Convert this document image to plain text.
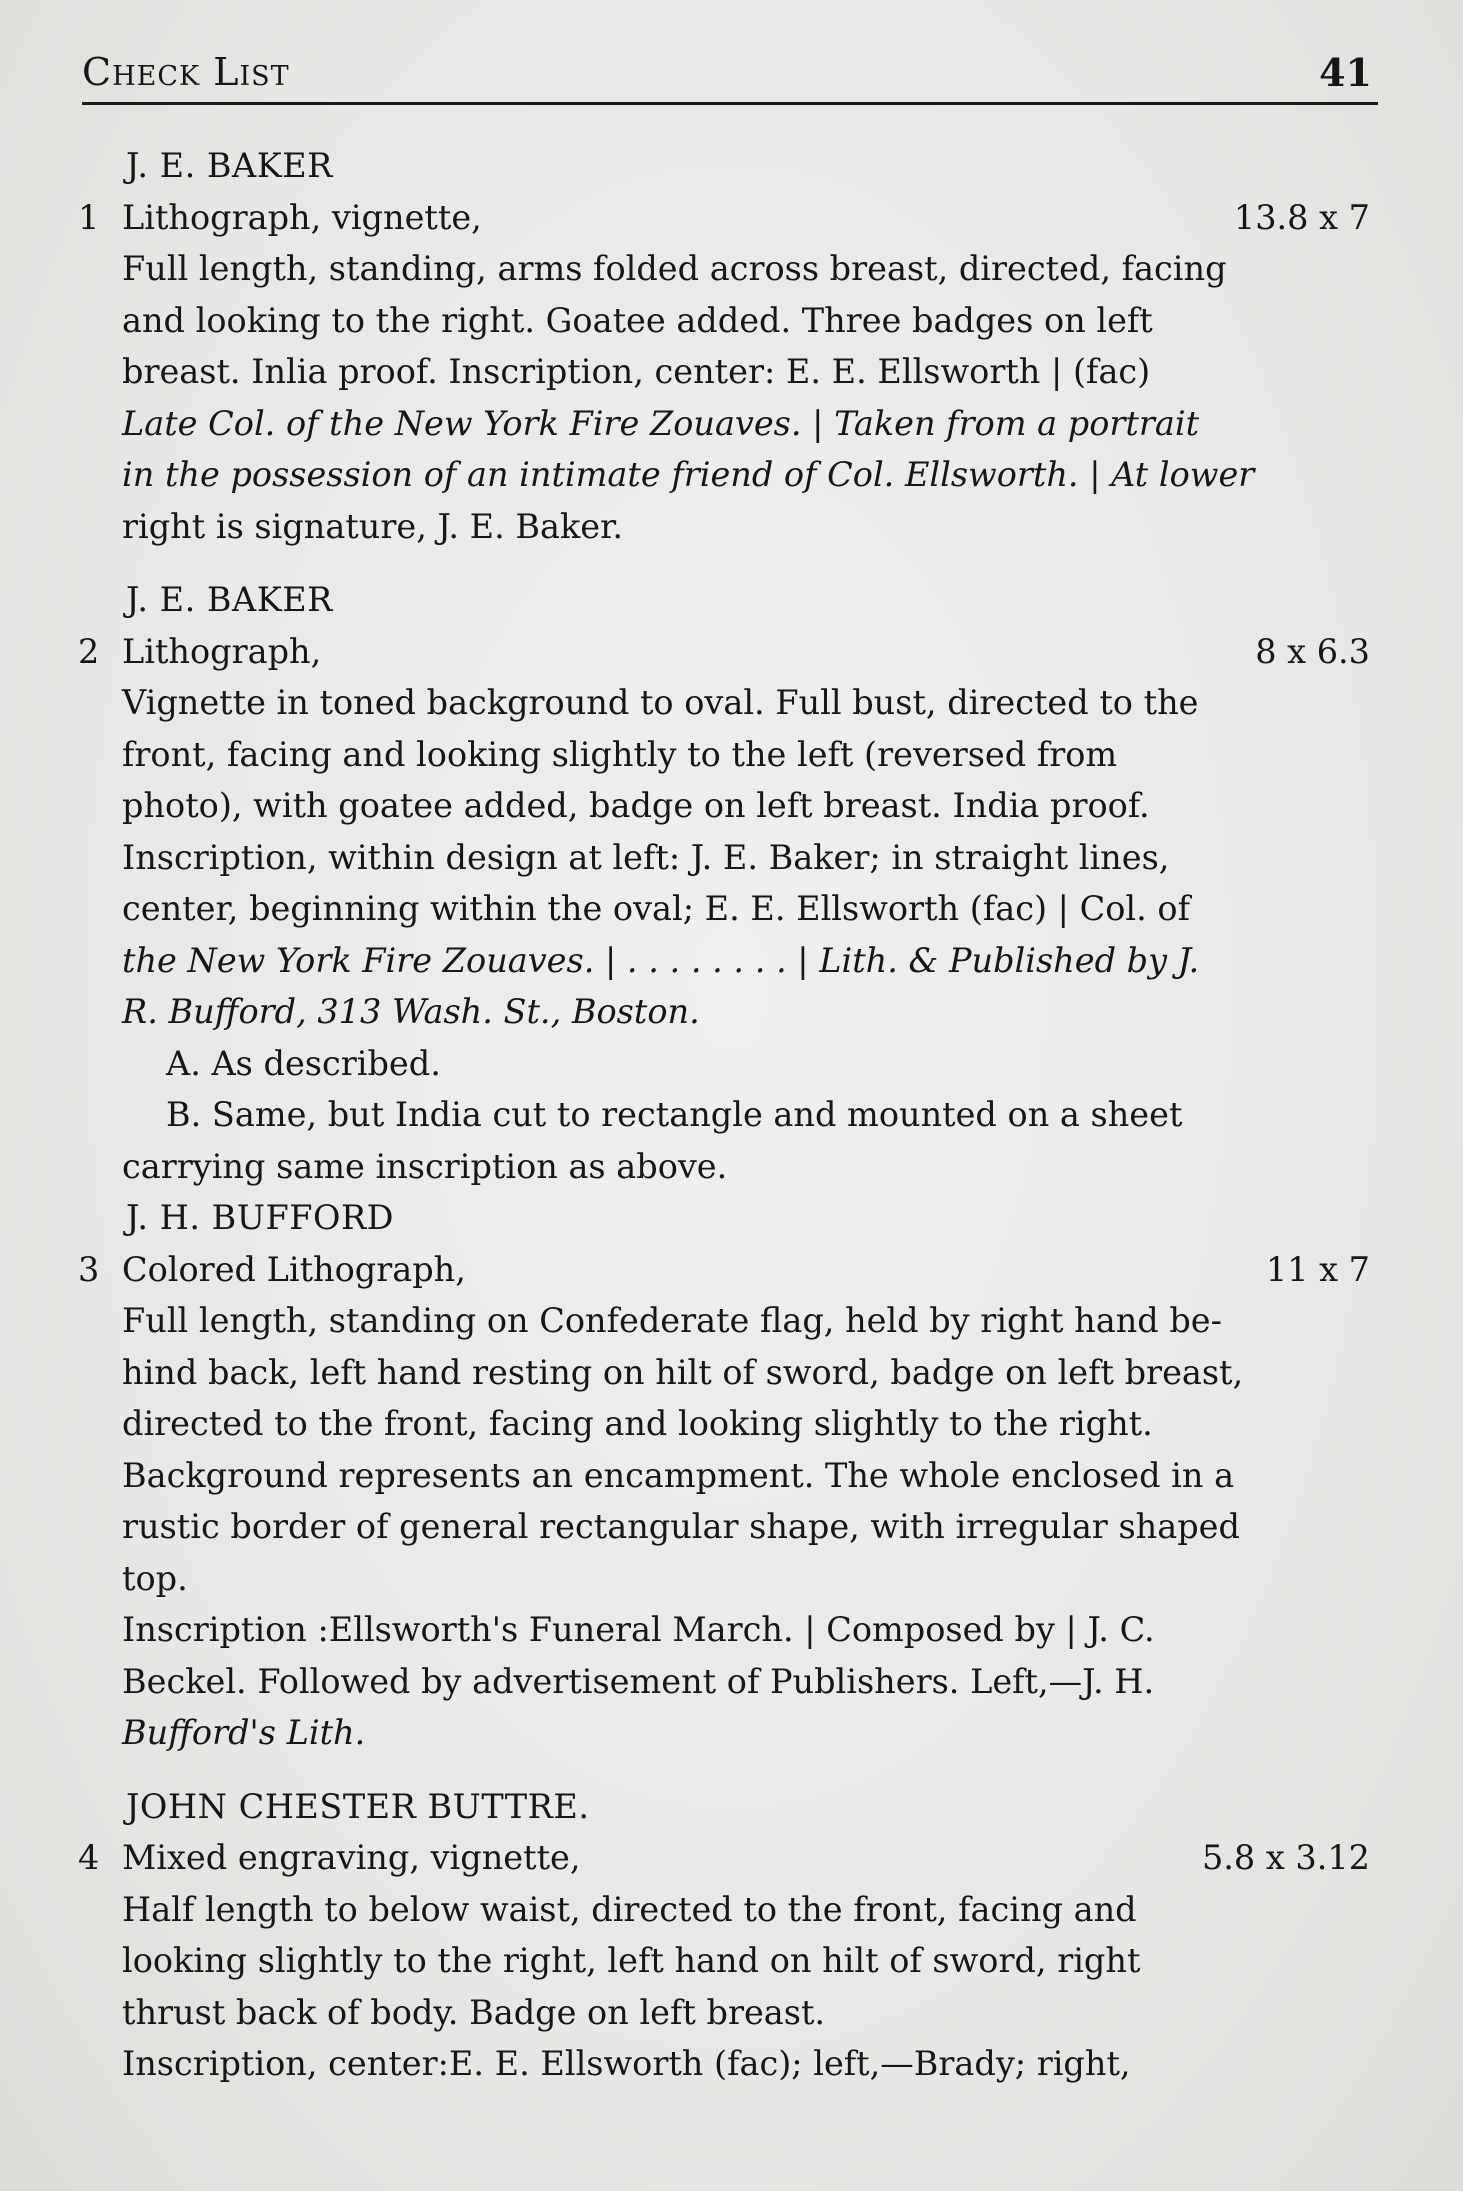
Check List	41
J. E. BAKER
1 Lithograph, vignette,	13.8 x 7
Full length, standing, arms folded across breast, directed, facing
and looking to the right. Goatee added. Three badges on left
breast. Inlia proof. Inscription, center: E. E. Ellsworth | (fac)
Late Col. of the New York Fire Zouaves. | Taken from a portrait
in the possession of an intimate friend of Col. Ellsworth. | At lower
right is signature, J. E. Baker.
J. E. BAKER
2 Lithograph,	8 x 6.3
Vignette in toned background to oval. Full bust, directed to the
front, facing and looking slightly to the left (reversed from
photo), with goatee added, badge on left breast. India proof.
Inscription, within design at left: J. E. Baker; in straight lines,
center, beginning within the oval; E. E. Ellsworth (fac) | Col. of
the New York Fire Zouaves. | . . . . . . . . | Lith. & Published by J.
R. Bufford, 313 Wash. St., Boston.
A. As described.
B. Same, but India cut to rectangle and mounted on a sheet
carrying same inscription as above.
J. H. BUFFORD
3 Colored Lithograph,	11 x 7
Full length, standing on Confederate flag, held by right hand be-
hind back, left hand resting on hilt of sword, badge on left breast,
directed to the front, facing and looking slightly to the right.
Background represents an encampment. The whole enclosed in a
rustic border of general rectangular shape, with irregular shaped
top.
Inscription :Ellsworth's Funeral March. | Composed by | J. C.
Beckel. Followed by advertisement of Publishers. Left,—J. H.
Bufford's Lith.
JOHN CHESTER BUTTRE.
4 Mixed engraving, vignette,	5.8 x 3.12
Half length to below waist, directed to the front, facing and
looking slightly to the right, left hand on hilt of sword, right
thrust back of body. Badge on left breast.
Inscription, center:E. E. Ellsworth (fac); left,—Brady; right,
